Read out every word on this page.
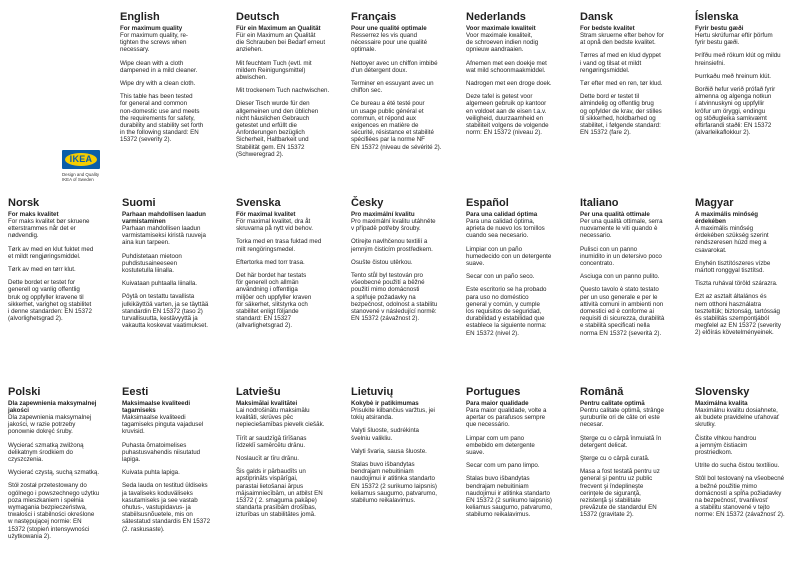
IKEA
Design and Quality
IKEA of Sweden
English
For maximum quality

For maximum quality, re-
tighten the screws when
necessary.

Wipe clean with a cloth
dampened in a mild cleaner.

Wipe dry with a clean cloth.

This table has been tested
for general and common
non-domestic use and meets
the requirements for safety,
durability and stability set forth
in the following standard: EN
15372 (severity 2).

Deutsch
Für ein Maximum an Qualität

Für ein Maximum an Qualität
die Schrauben bei Bedarf erneut
anziehen.

Mit feuchtem Tuch (evtl. mit
mildem Reinigungsmittel)
abwischen.

Mit trockenem Tuch nachwischen.

Dieser Tisch wurde für den
allgemeinen und den üblichen
nicht häuslichen Gebrauch
getestet und erfüllt die
Anforderungen bezüglich
Sicherheit, Haltbarkeit und
Stabilität gem. EN 15372
(Schweregrad 2).

Français
Pour une qualité optimale

Resserrez les vis quand
nécessaire pour une qualité
optimale.

Nettoyer avec un chiffon imbibé
d'un détergent doux.

Terminer en essuyant avec un
chiffon sec.

Ce bureau a été testé pour
un usage public général et
commun, et répond aux
exigences en matière de
sécurité, résistance et stabilité
spécifiées par la norme NF
EN 15372 (niveau de sévérité 2).

Nederlands
Voor maximale kwaliteit

Voor maximale kwaliteit,
de schroeven indien nodig
opnieuw aandraaien.

Afnemen met een doekje met
wat mild schoonmaakmiddel.

Nadrogen met een droge doek.

Deze tafel is getest voor
algemeen gebruik op kantoor
en voldoet aan de eisen t.a.v.
veiligheid, duurzaamheid en
stabiliteit volgens de volgende
norm: EN 15372 (niveau 2).

Dansk
For bedste kvalitet

Stram skruerne efter behov for
at opnå den bedste kvalitet.

Tørres af med en klud dyppet
i vand og tilsat et mildt
rengøringsmiddel.

Tør efter med en ren, tør klud.

Dette bord er testet til
almindelig og offentlig brug
og opfylder de krav, der stilles
til sikkerhed, holdbarhed og
stabilitet, i følgende standard:
EN 15372 (fare 2).

Íslenska
Fyrir bestu gæði

Hertu skrúfurnar eftir þörfum
fyrir bestu gæði.

Þrífðu með rökum klút og mildu
hreinsiefni.

Þurrkaðu með hreinum klút.

Borðið hefur verið prófað fyrir
almenna og algenga notkun
í atvinnuskyni og uppfyllir
kröfur um öryggi, endingu
og stöðugleika samkvæmt
eftirfarandi staðli: EN 15372
(alvarleikaflokkur 2).

Norsk
For maks kvalitet

For maks kvalitet bør skruene
etterstrammes når det er
nødvendig.

Tørk av med en klut fuktet med
et mildt rengjøringsmiddel.

Tørk av med en tørr klut.

Dette bordet er testet for
generell og vanlig offentlig
bruk og oppfyller kravene til
sikkerhet, varighet og stabilitet
i denne standarden: EN 15372
(alvorlighetsgrad 2).

Suomi
Parhaan mahdollisen laadun
varmistaminen

Parhaan mahdollisen laadun
varmistamiseksi kiristä ruuveja
aina kun tarpeen.

Puhdistetaan mietoon
puhdistusaineeseen
kostutetulla liinalla.

Kuivataan puhtaalla liinalla.

Pöytä on testattu tavallista
julkikäyttöä varten, ja se täyttää
standardin EN 15372 (taso 2)
turvallisuutta, kestävyyttä ja
vakautta koskevat vaatimukset.

Svenska
För maximal kvalitet

För maximal kvalitet, dra åt
skruvarna på nytt vid behov.

Torka med en trasa fuktad med
milt rengöringsmedel.

Eftertorka med torr trasa.

Det här bordet har testats
för generell och allmän
användning i offentliga
miljöer och uppfyller kraven
för säkerhet, slitstyrka och
stabilitet enligt följande
standard: EN 15327
(allvarlighetsgrad 2).

Česky
Pro maximální kvalitu

Pro maximální kvalitu utáhněte
v případě potřeby šrouby.

Otírejte navlhčenou textilií a
jemným čisticím prostředkem.

Osušte čistou utěrkou.

Tento stůl byl testován pro
všeobecné použití a běžné
použití mimo domácnosti
a splňuje požadavky na
bezpečnost, odolnost a stabilitu
stanovené v následující normě:
EN 15372 (závažnost 2).

Español
Para una calidad óptima

Para una calidad óptima,
aprieta de nuevo los tornillos
cuando sea necesario.

Limpiar con un paño
humedecido con un detergente
suave.

Secar con un paño seco.

Este escritorio se ha probado
para uso no doméstico
general y común, y cumple
los requisitos de seguridad,
durabilidad y estabilidad que
establece la siguiente norma:
EN 15372 (nivel 2).

Italiano
Per una qualità ottimale

Per una qualità ottimale, serra
nuovamente le viti quando è
necessario.

Pulisci con un panno
inumidito in un detersivo poco
concentrato.

Asciuga con un panno pulito.

Questo tavolo è stato testato
per un uso generale e per le
attività comuni in ambienti non
domestici ed è conforme ai
requisiti di sicurezza, durabilità
e stabilità specificati nella
norma EN 15372 (severità 2).

Magyar
A maximális minőség
érdekében

A maximális minőség
érdekében szükség szerint
rendszeresen húzd meg a
csavarokat.

Enyhén tisztítószeres vízbe
mártott ronggyal tisztítsd.

Tiszta ruhával töröld szárazra.

Ezt az asztalt általános és
nem otthoni használatra
teszteltük; biztonság, tartósság
és stabilitás szempontjából
megfelel az EN 15372 (severity
2) előírás követelményeinek.

Polski
Dla zapewnienia maksymalnej
jakości

Dla zapewnienia maksymalnej
jakości, w razie potrzeby
ponownie dokręć śruby.

Wycierać szmatką zwilżoną
delikatnym środkiem do
czyszczenia.

Wycierać czystą, suchą szmatką.

Stół został przetestowany do
ogólnego i powszechnego użytku
poza mieszkaniem i spełnia
wymagania bezpieczeństwa,
trwałości i stabilności określone
w następującej normie: EN
15372 (stopień intensywności
użytkowania 2).

Eesti
Maksimaalse kvaliteedi
tagamiseks

Maksimaalse kvaliteedi
tagamiseks pingutа vajadusel
kruvisid.

Puhasta õrnatoimelises
puhastusvahendis niisutatud
lapiga.

Kuivata puhta lapiga.

Seda lauda on testitud üldiseks
ja tavaliseks koduväliseks
kasutamiseks ja see vastab
ohutus-, vastupidavus- ja
stabiilsusnõuetele, mis on
sätestatud standardis EN 15372
(2. raskusaste).

Latviešu
Maksimālai kvalitātei

Lai nodrošinātu maksimālu
kvalitāti, skrūves pēc
nepieciešamības pievelk ciešāk.

Tīrīt ar saudzīgā tīrīšanas
līdzeklī samērcētu drānu.

Noslaucīt ar tīru drānu.

Šis galds ir pārbaudīts un
apstiprināts vispārīgai,
parastai lietošanai ārpus
mājsaimniecībām, un atbilst EN
15372 ( 2. smaguma pakāpe)
standarta prasībām drošības,
izturības un stabilitātes jomā.

Lietuvių
Kokybė ir patikimumas

Prisukite kilbančius varžtus, jei
tokių atsiranda.

Valyti šluoste, sudrėkinta
švelniu valikliu.

Valyti švaria, sausa šluoste.

Stalas buvo išbandytas
bendrajam nebuitiniam
naudojimui ir atitinka standarto
EN 15372 (2 surikumo laipsnis)
keliamus saugumo, patvarumo,
stabilumo reikalavimus.

Portugues
Para maior qualidade

Para maior qualidade, volte a
apertar os parafusos sempre
que necessário.

Limpar com um pano
embebido em detergente
suave.

Secar com um pano limpo.

Stalas buvo išbandytas
bendrajam nebuitiniam
naudojimui ir atitinka standarto
EN 15372 (2 surikumo laipsnis)
keliamus saugumo, patvarumo,
stabilumo reikalavimus.

Română
Pentru calitate optimă

Pentru calitate optimă, strânge
şuruburile ori de câte ori este
necesar.

Şterge cu o cârpă înmuiată în
detergent delicat.

Şterge cu o cârpă curată.

Masa a fost testată pentru uz
general şi pentru uz public
frecvent şi îndeplineşte
cerinţele de siguranţă,
rezistenţă şi stabilitate
prevăzute de standardul EN
15372 (gravitate 2).

Slovensky
Maximálna kvalita

Maximálnu kvalitu dosiahnete,
ak budete pravidelne uťahovať
skrutky.

Čistite vlhkou handrou
a jemným čistiacim
prostriedkom.

Utrite do sucha čistou textíliou.

Stôl bol testovaný na všeobecné
a bežné použitie mimo
domácností a spĺňa požiadavky
na bezpečnosť, trvanlivosť
a stabilitu stanovené v tejto
norme: EN 15372 (závažnosť 2).
